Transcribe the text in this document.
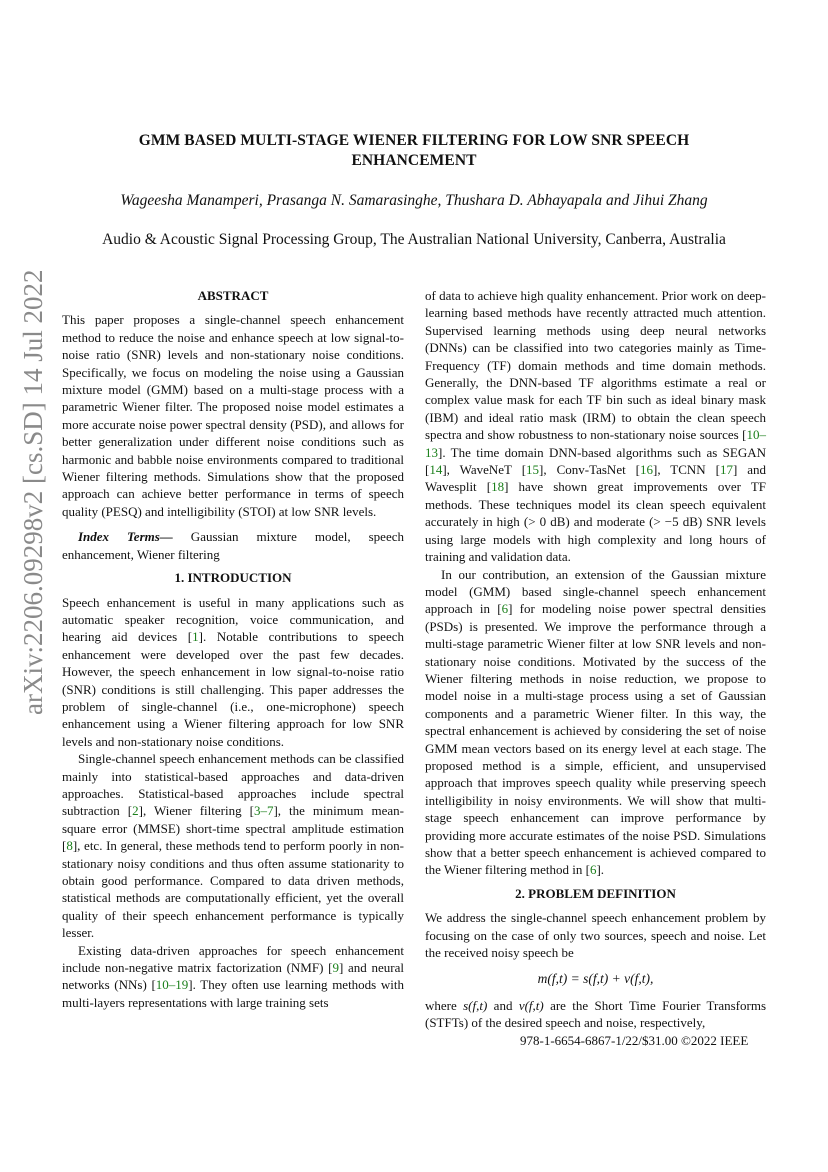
GMM BASED MULTI-STAGE WIENER FILTERING FOR LOW SNR SPEECH ENHANCEMENT
Wageesha Manamperi, Prasanga N. Samarasinghe, Thushara D. Abhayapala and Jihui Zhang
Audio & Acoustic Signal Processing Group, The Australian National University, Canberra, Australia
arXiv:2206.09298v2 [cs.SD] 14 Jul 2022	ABSTRACT

This paper proposes a single-channel speech enhancement method to reduce the noise and enhance speech at low signal-to-noise ratio (SNR) levels and non-stationary noise conditions. Specifically, we focus on modeling the noise using a Gaussian mixture model (GMM) based on a multi-stage process with a parametric Wiener filter. The proposed noise model estimates a more accurate noise power spectral density (PSD), and allows for better generalization under different noise conditions such as harmonic and babble noise environments compared to traditional Wiener filtering methods. Simulations show that the proposed approach can achieve better performance in terms of speech quality (PESQ) and intelligibility (STOI) at low SNR levels.

Index Terms— Gaussian mixture model, speech enhancement, Wiener filtering

1. INTRODUCTION

Speech enhancement is useful in many applications such as automatic speaker recognition, voice communication, and hearing aid devices [1]. Notable contributions to speech enhancement were developed over the past few decades. However, the speech enhancement in low signal-to-noise ratio (SNR) conditions is still challenging. This paper addresses the problem of single-channel (i.e., one-microphone) speech enhancement using a Wiener filtering approach for low SNR levels and non-stationary noise conditions.

Single-channel speech enhancement methods can be classified mainly into statistical-based approaches and data-driven approaches. Statistical-based approaches include spectral subtraction [2], Wiener filtering [3–7], the minimum mean-square error (MMSE) short-time spectral amplitude estimation [8], etc. In general, these methods tend to perform poorly in non-stationary noisy conditions and thus often assume stationarity to obtain good performance. Compared to data driven methods, statistical methods are computationally efficient, yet the overall quality of their speech enhancement performance is typically lesser.

Existing data-driven approaches for speech enhancement include non-negative matrix factorization (NMF) [9] and neural networks (NNs) [10–19]. They often use learning methods with multi-layers representations with large training sets

of data to achieve high quality enhancement. Prior work on deep-learning based methods have recently attracted much attention. Supervised learning methods using deep neural networks (DNNs) can be classified into two categories mainly as Time-Frequency (TF) domain methods and time domain methods. Generally, the DNN-based TF algorithms estimate a real or complex value mask for each TF bin such as ideal binary mask (IBM) and ideal ratio mask (IRM) to obtain the clean speech spectra and show robustness to non-stationary noise sources [10–13]. The time domain DNN-based algorithms such as SEGAN [14], WaveNeT [15], Conv-TasNet [16], TCNN [17] and Wavesplit [18] have shown great improvements over TF methods. These techniques model its clean speech equivalent accurately in high (> 0 dB) and moderate (> −5 dB) SNR levels using large models with high complexity and long hours of training and validation data.

In our contribution, an extension of the Gaussian mixture model (GMM) based single-channel speech enhancement approach in [6] for modeling noise power spectral densities (PSDs) is presented. We improve the performance through a multi-stage parametric Wiener filter at low SNR levels and non-stationary noise conditions. Motivated by the success of the Wiener filtering methods in noise reduction, we propose to model noise in a multi-stage process using a set of Gaussian components and a parametric Wiener filter. In this way, the spectral enhancement is achieved by considering the set of noise GMM mean vectors based on its energy level at each stage. The proposed method is a simple, efficient, and unsupervised approach that improves speech quality while preserving speech intelligibility in noisy environments. We will show that multi-stage speech enhancement can improve performance by providing more accurate estimates of the noise PSD. Simulations show that a better speech enhancement is achieved compared to the Wiener filtering method in [6].

2. PROBLEM DEFINITION

We address the single-channel speech enhancement problem by focusing on the case of only two sources, speech and noise. Let the received noisy speech be

m(f,t) = s(f,t) + v(f,t),

where s(f,t) and v(f,t) are the Short Time Fourier Transforms (STFTs) of the desired speech and noise, respectively,

978-1-6654-6867-1/22/$31.00 ©2022 IEEE
